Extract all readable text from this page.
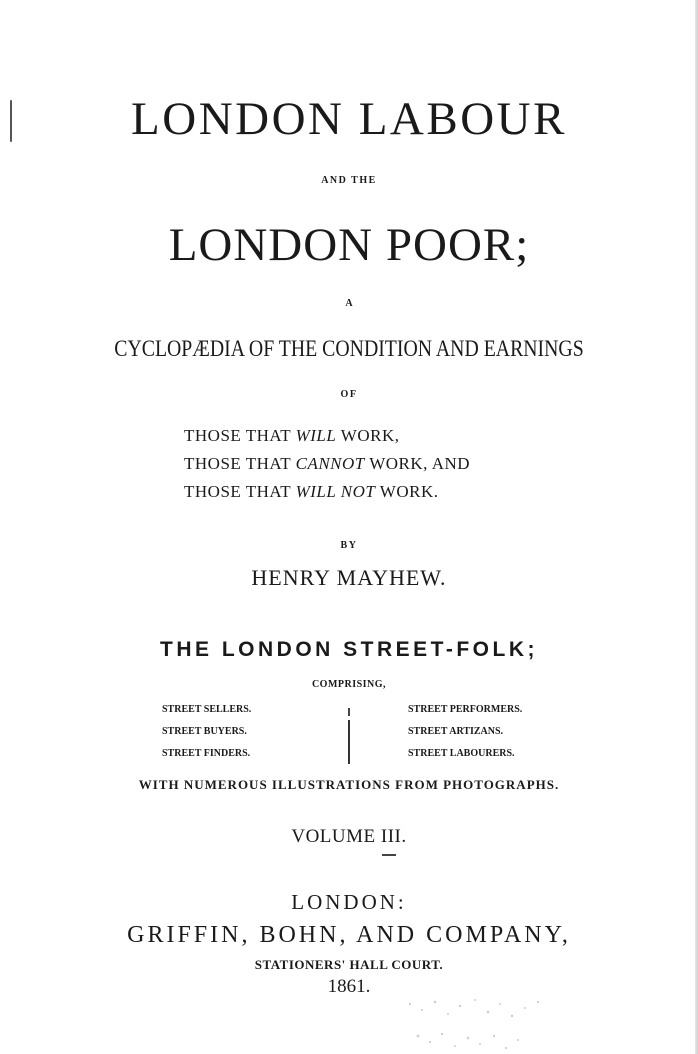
LONDON LABOUR
AND THE
LONDON POOR;
A
CYCLOPÆDIA OF THE CONDITION AND EARNINGS
OF
THOSE THAT WILL WORK,
THOSE THAT CANNOT WORK, AND
THOSE THAT WILL NOT WORK.
BY
HENRY MAYHEW.
THE LONDON STREET-FOLK;
COMPRISING,
STREET SELLERS.
STREET BUYERS.
STREET FINDERS.
STREET PERFORMERS.
STREET ARTIZANS.
STREET LABOURERS.
WITH NUMEROUS ILLUSTRATIONS FROM PHOTOGRAPHS.
VOLUME III.
LONDON:
GRIFFIN, BOHN, AND COMPANY,
STATIONERS' HALL COURT.
1861.
